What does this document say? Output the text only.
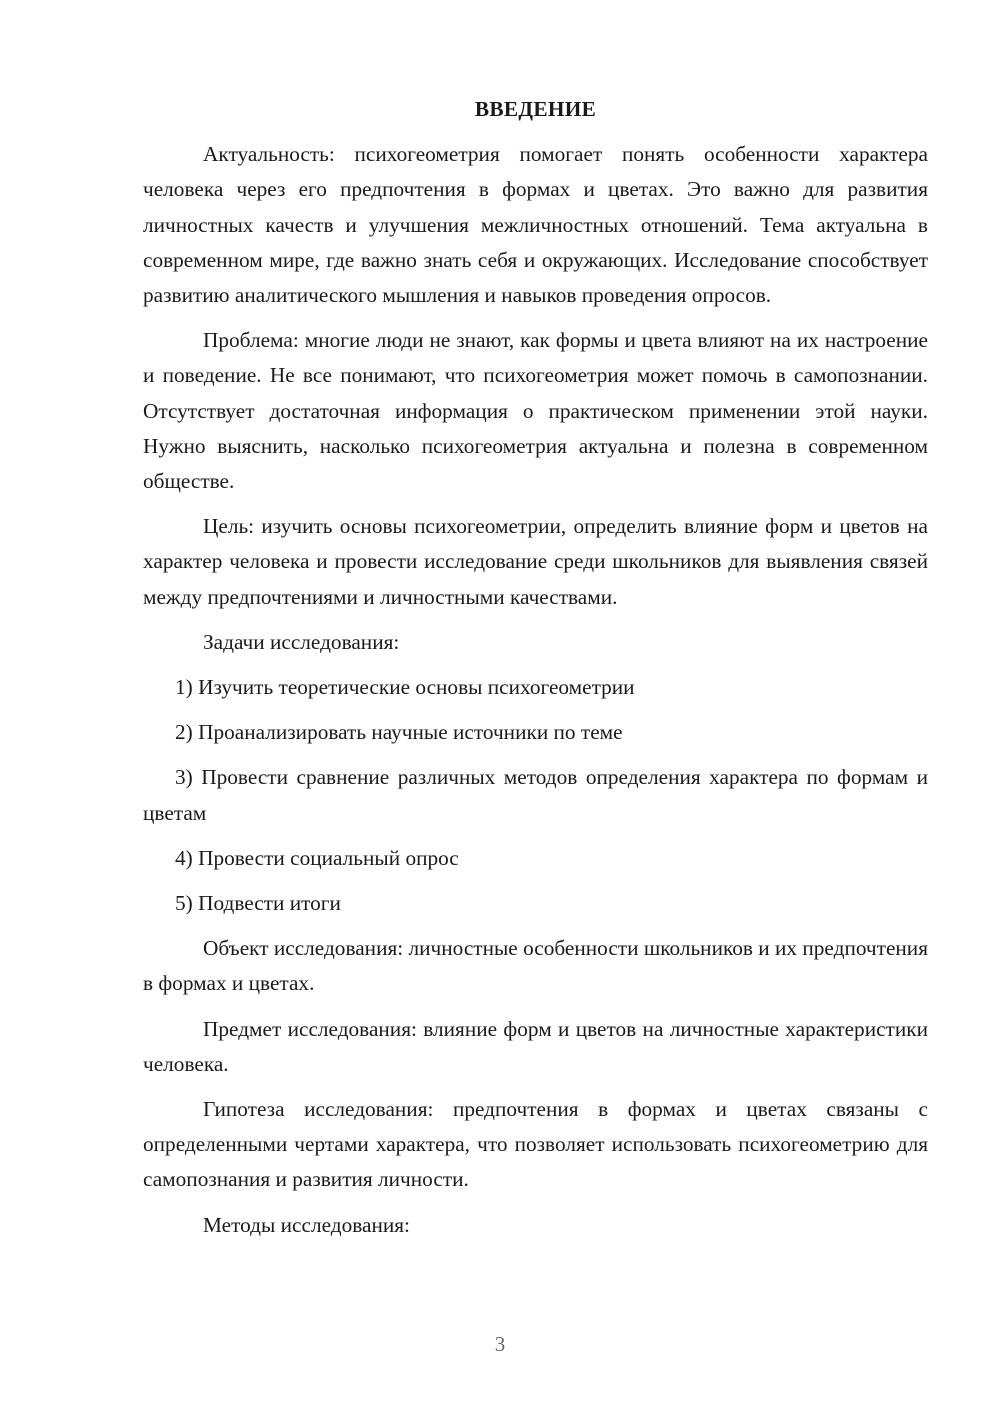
ВВЕДЕНИЕ

Актуальность: психогеометрия помогает понять особенности характера человека через его предпочтения в формах и цветах. Это важно для развития личностных качеств и улучшения межличностных отношений. Тема актуальна в современном мире, где важно знать себя и окружающих. Исследование способствует развитию аналитического мышления и навыков проведения опросов.

Проблема: многие люди не знают, как формы и цвета влияют на их настроение и поведение. Не все понимают, что психогеометрия может помочь в самопознании. Отсутствует достаточная информация о практическом применении этой науки. Нужно выяснить, насколько психогеометрия актуальна и полезна в современном обществе.

Цель: изучить основы психогеометрии, определить влияние форм и цветов на характер человека и провести исследование среди школьников для выявления связей между предпочтениями и личностными качествами.

Задачи исследования:

1) Изучить теоретические основы психогеометрии

2) Проанализировать научные источники по теме

3) Провести сравнение различных методов определения характера по формам и цветам

4) Провести социальный опрос

5) Подвести итоги

Объект исследования: личностные особенности школьников и их предпочтения в формах и цветах.

Предмет исследования: влияние форм и цветов на личностные характеристики человека.

Гипотеза исследования: предпочтения в формах и цветах связаны с определенными чертами характера, что позволяет использовать психогеометрию для самопознания и развития личности.

Методы исследования:

3
